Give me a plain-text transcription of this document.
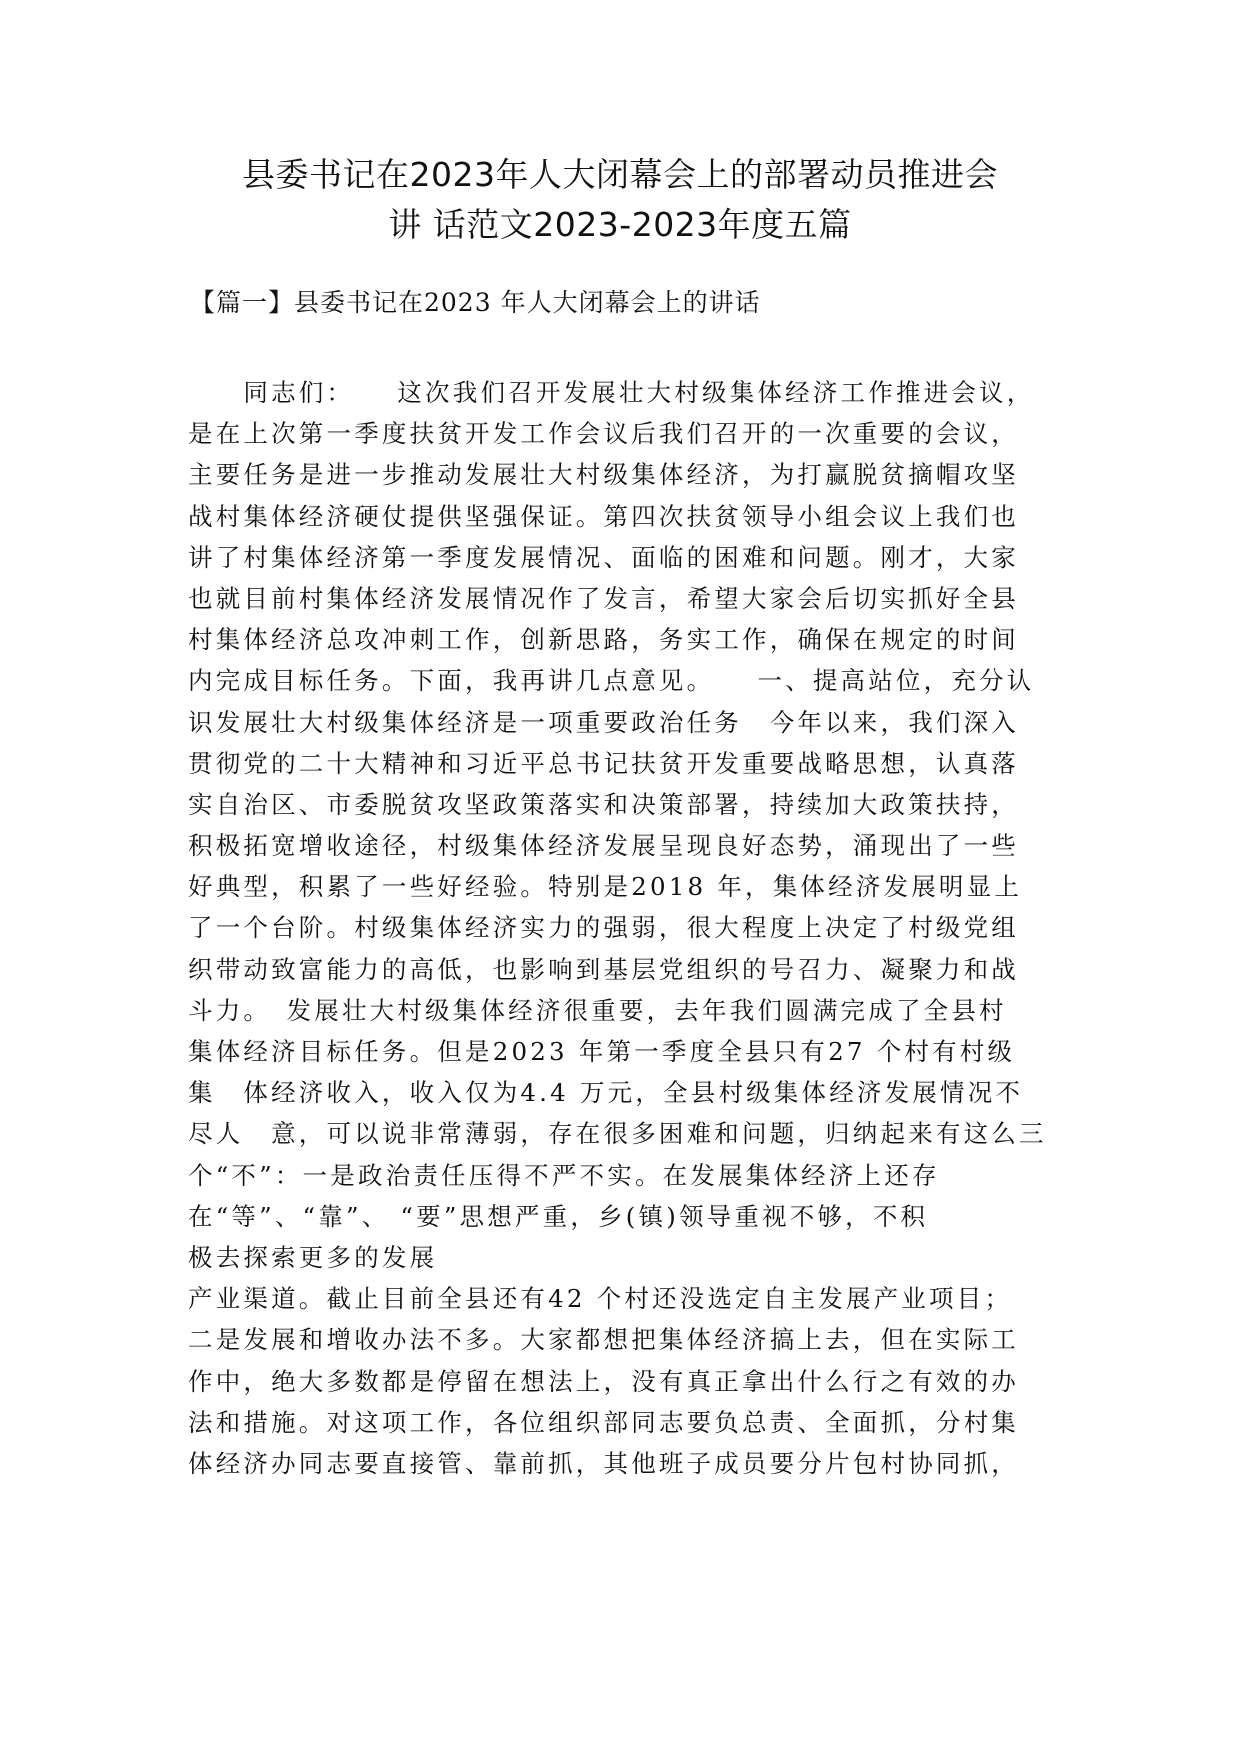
县委书记在2023年人大闭幕会上的部署动员推进会
讲 话范文2023-2023年度五篇
【篇一】县委书记在2023 年人大闭幕会上的讲话
　　同志们：　　这次我们召开发展壮大村级集体经济工作推进会议，
是在上次第一季度扶贫开发工作会议后我们召开的一次重要的会议，
主要任务是进一步推动发展壮大村级集体经济，为打赢脱贫摘帽攻坚
战村集体经济硬仗提供坚强保证。第四次扶贫领导小组会议上我们也
讲了村集体经济第一季度发展情况、面临的困难和问题。刚才，大家
也就目前村集体经济发展情况作了发言，希望大家会后切实抓好全县
村集体经济总攻冲刺工作，创新思路，务实工作，确保在规定的时间
内完成目标任务。下面，我再讲几点意见。　　一、提高站位，充分认
识发展壮大村级集体经济是一项重要政治任务　今年以来，我们深入
贯彻党的二十大精神和习近平总书记扶贫开发重要战略思想，认真落
实自治区、市委脱贫攻坚政策落实和决策部署，持续加大政策扶持，
积极拓宽增收途径，村级集体经济发展呈现良好态势，涌现出了一些
好典型，积累了一些好经验。特别是2018 年，集体经济发展明显上
了一个台阶。村级集体经济实力的强弱，很大程度上决定了村级党组
织带动致富能力的高低，也影响到基层党组织的号召力、凝聚力和战
斗力。　发展壮大村级集体经济很重要，去年我们圆满完成了全县村
集体经济目标任务。但是2023 年第一季度全县只有27 个村有村级
集　体经济收入，收入仅为4.4 万元，全县村级集体经济发展情况不
尽人　意，可以说非常薄弱，存在很多困难和问题，归纳起来有这么三
个“不”：一是政治责任压得不严不实。在发展集体经济上还存
在“等”、“靠”、 “要”思想严重，乡(镇)领导重视不够，不积
极去探索更多的发展
产业渠道。截止目前全县还有42 个村还没选定自主发展产业项目；
二是发展和增收办法不多。大家都想把集体经济搞上去，但在实际工
作中，绝大多数都是停留在想法上，没有真正拿出什么行之有效的办
法和措施。对这项工作，各位组织部同志要负总责、全面抓，分村集
体经济办同志要直接管、靠前抓，其他班子成员要分片包村协同抓，
